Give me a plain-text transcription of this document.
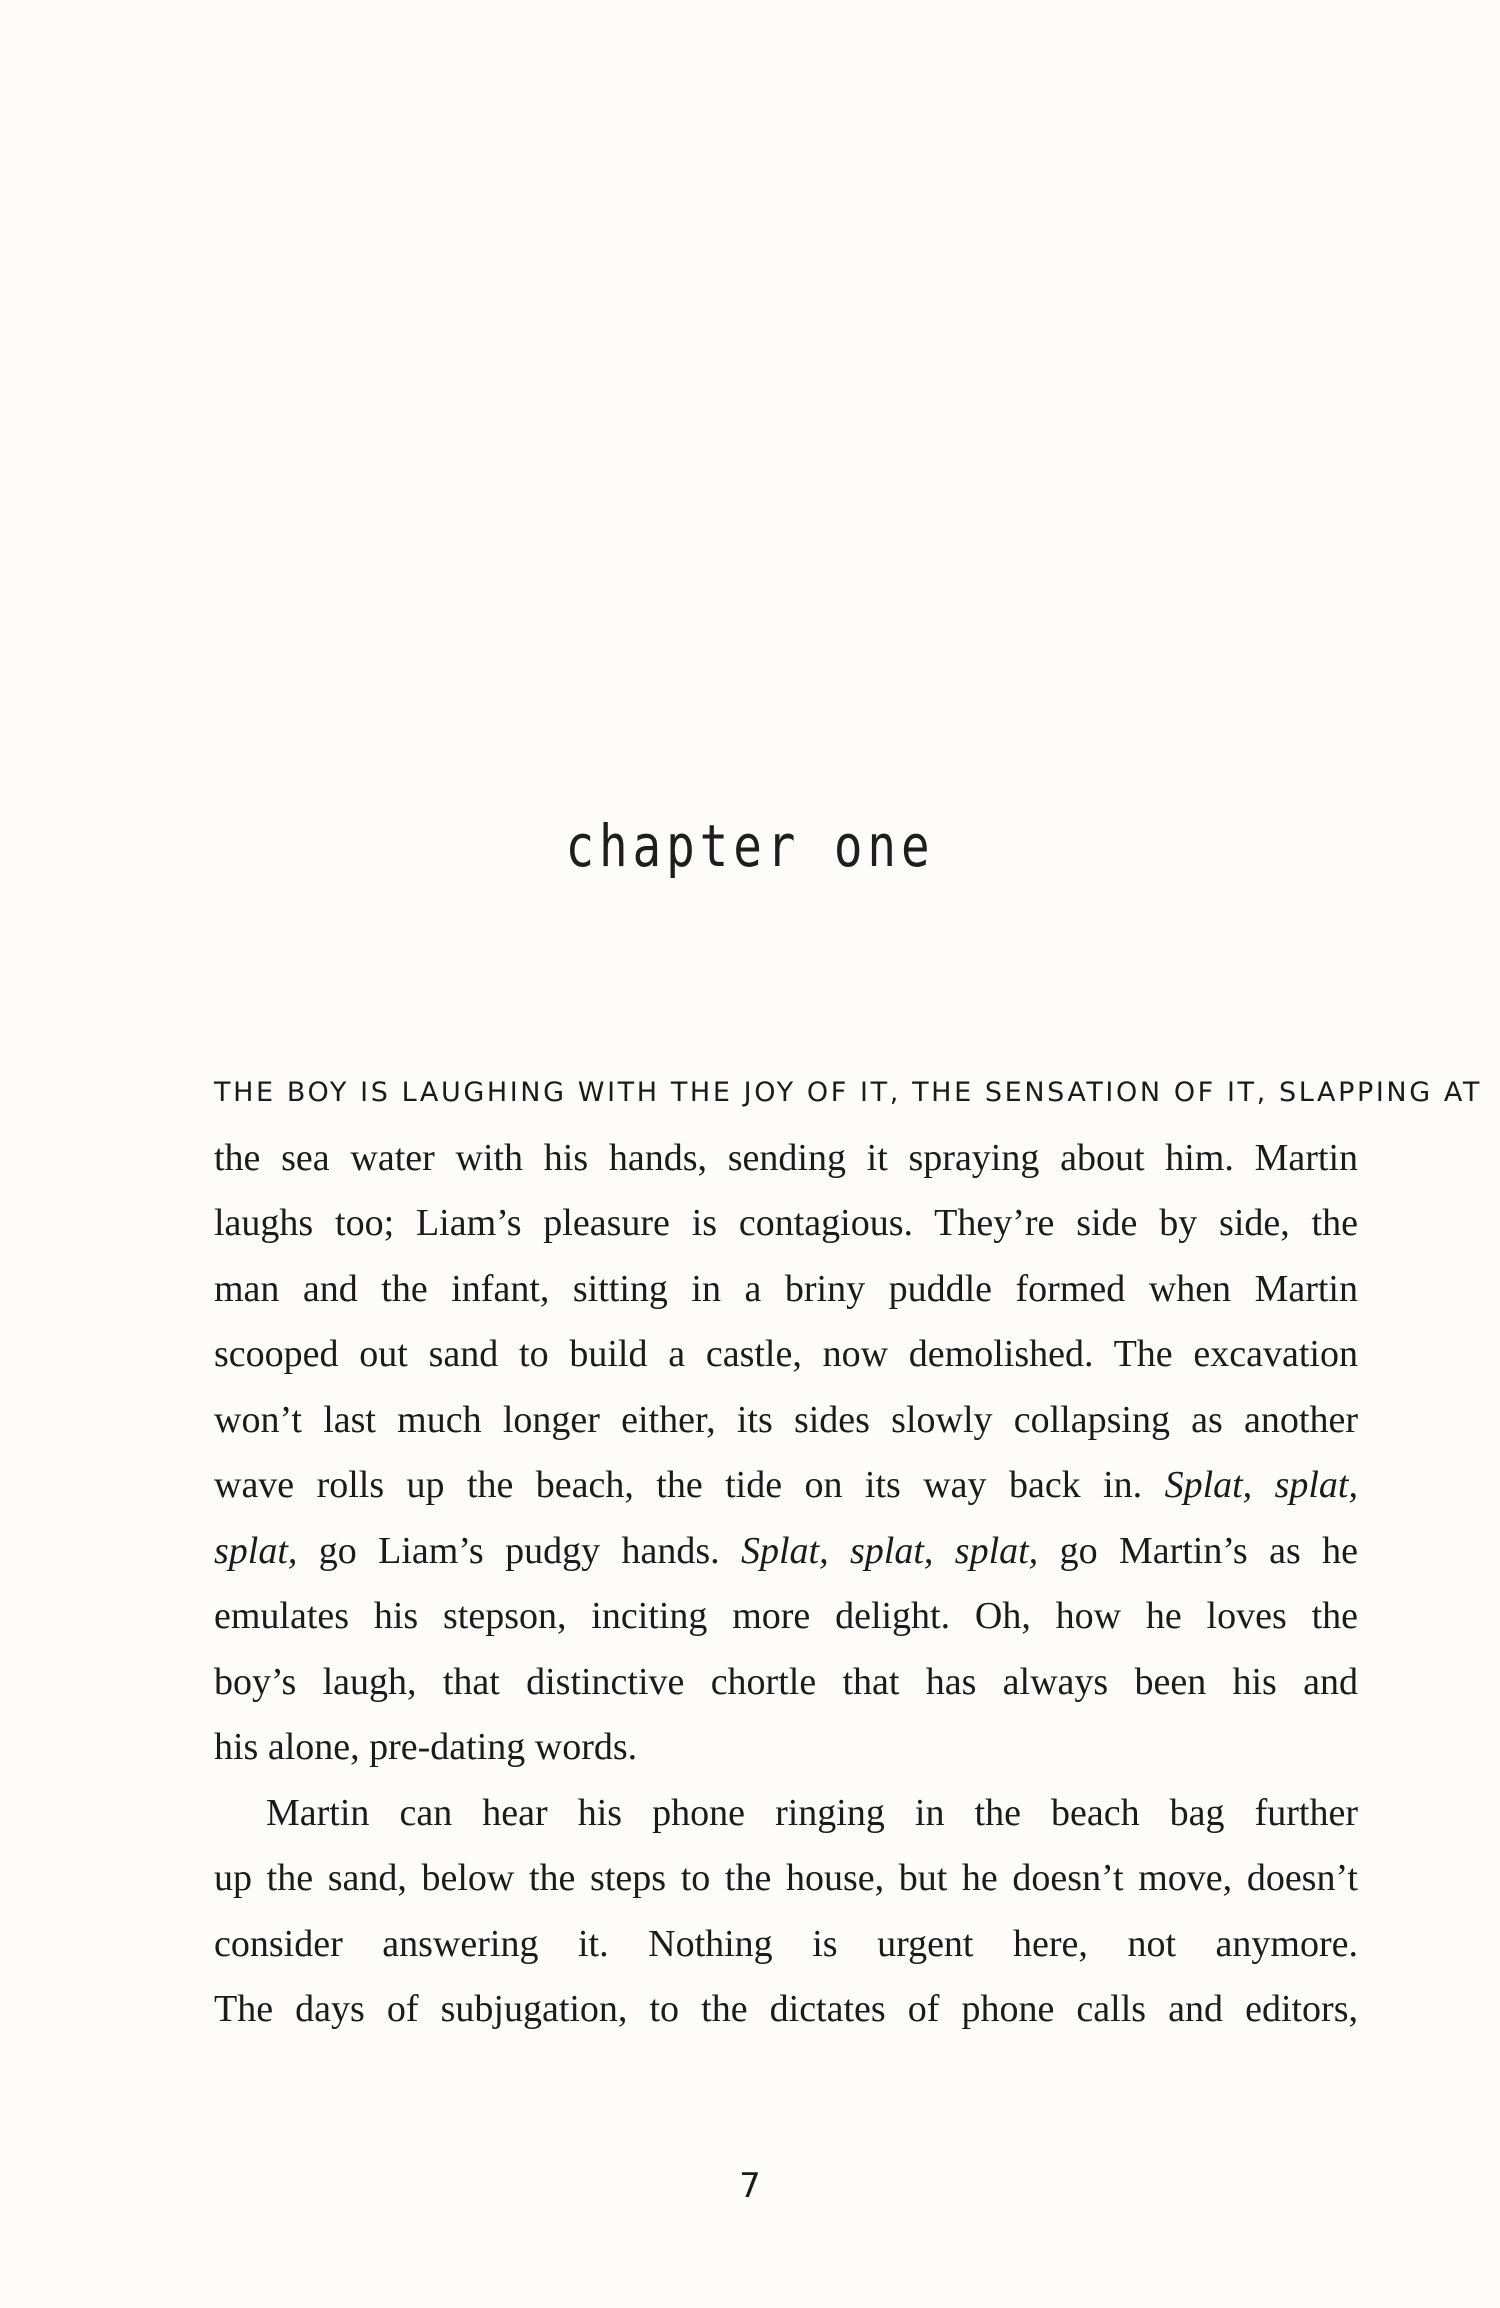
chapter one
THE BOY IS LAUGHING WITH THE JOY OF IT, THE SENSATION OF IT, SLAPPING AT
the sea water with his hands, sending it spraying about him. Martin
laughs too; Liam’s pleasure is contagious. They’re side by side, the
man and the infant, sitting in a briny puddle formed when Martin
scooped out sand to build a castle, now demolished. The excavation
won’t last much longer either, its sides slowly collapsing as another
wave rolls up the beach, the tide on its way back in. Splat, splat,
splat, go Liam’s pudgy hands. Splat, splat, splat, go Martin’s as he
emulates his stepson, inciting more delight. Oh, how he loves the
boy’s laugh, that distinctive chortle that has always been his and
his alone, pre-dating words.
Martin can hear his phone ringing in the beach bag further
up the sand, below the steps to the house, but he doesn’t move, doesn’t
consider answering it. Nothing is urgent here, not anymore.
The days of subjugation, to the dictates of phone calls and editors,
7
